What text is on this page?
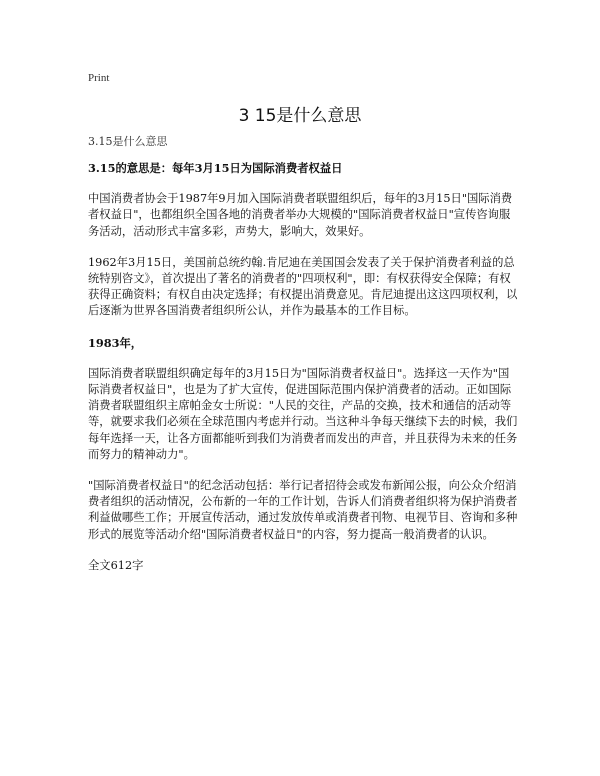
Print
3 15是什么意思
3.15是什么意思

3.15的意思是：每年3月15日为国际消费者权益日

中国消费者协会于1987年9月加入国际消费者联盟组织后，每年的3月15日"国际消费者权益日"，也都组织全国各地的消费者举办大规模的"国际消费者权益日"宣传咨询服务活动，活动形式丰富多彩，声势大，影响大，效果好。

1962年3月15日，美国前总统约翰.肯尼迪在美国国会发表了关于保护消费者利益的总统特别咨文》，首次提出了著名的消费者的"四项权利"，即：有权获得安全保障；有权获得正确资料；有权自由决定选择；有权提出消费意见。肯尼迪提出这这四项权利，以后逐渐为世界各国消费者组织所公认，并作为最基本的工作目标。

1983年，

国际消费者联盟组织确定每年的3月15日为"国际消费者权益日"。选择这一天作为"国际消费者权益日"，也是为了扩大宣传，促进国际范围内保护消费者的活动。正如国际消费者联盟组织主席帕金女士所说："人民的交往，产品的交换，技术和通信的活动等等，就要求我们必须在全球范围内考虑并行动。当这种斗争每天继续下去的时候，我们每年选择一天，让各方面都能听到我们为消费者而发出的声音，并且获得为未来的任务而努力的精神动力"。

"国际消费者权益日"的纪念活动包括：举行记者招待会或发布新闻公报，向公众介绍消费者组织的活动情况，公布新的一年的工作计划，告诉人们消费者组织将为保护消费者利益做哪些工作；开展宣传活动，通过发放传单或消费者刊物、电视节目、咨询和多种形式的展览等活动介绍"国际消费者权益日"的内容，努力提高一般消费者的认识。

全文612字
